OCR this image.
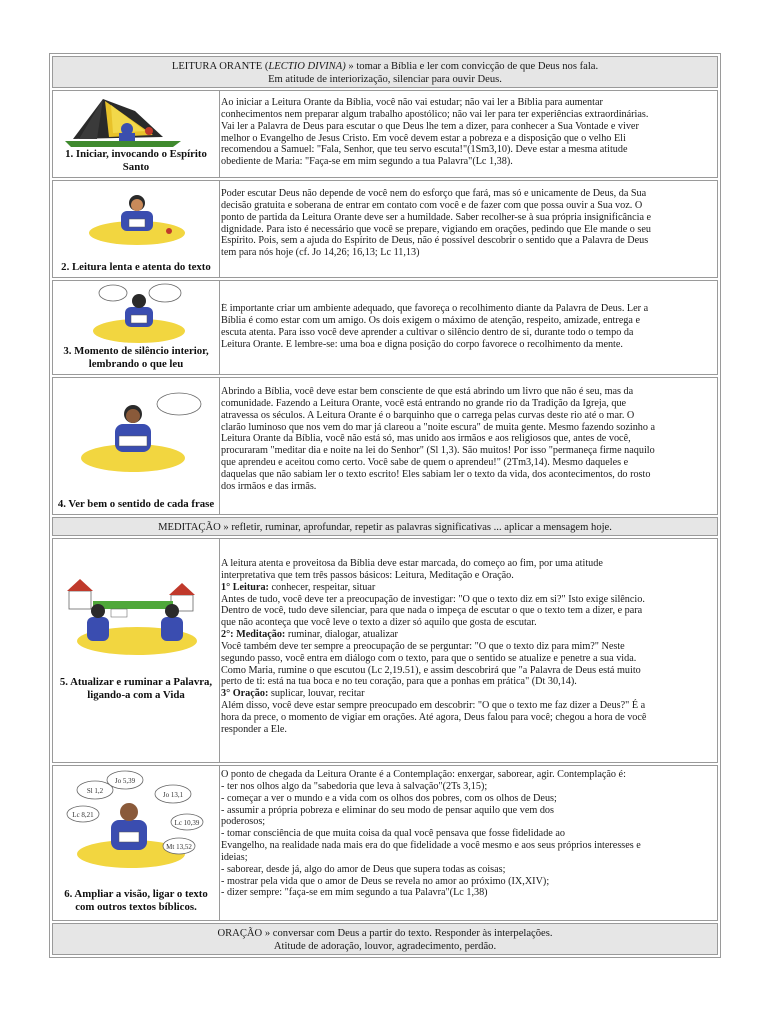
LEITURA ORANTE (LECTIO DIVINA) » tomar a Bíblia e ler com convicção de que Deus nos fala.
Em atitude de interiorização, silenciar para ouvir Deus.
1. Iniciar, invocando o Espírito Santo
Ao iniciar a Leitura Orante da Bíblia, você não vai estudar; não vai ler a Bíblia para aumentar
conhecimentos nem preparar algum trabalho apostólico; não vai ler para ter experiências extraordinárias.
Vai ler a Palavra de Deus para escutar o que Deus lhe tem a dizer, para conhecer a Sua Vontade e viver
melhor o Evangelho de Jesus Cristo. Em você devem estar a pobreza e a disposição que o velho Eli
recomendou a Samuel: "Fala, Senhor, que teu servo escuta!"(1Sm3,10). Deve estar a mesma atitude
obediente de Maria: "Faça-se em mim segundo a tua Palavra"(Lc 1,38).
2. Leitura lenta e atenta do texto
Poder escutar Deus não depende de você nem do esforço que fará, mas só e unicamente de Deus, da Sua
decisão gratuita e soberana de entrar em contato com você e de fazer com que possa ouvir a Sua voz. O
ponto de partida da Leitura Orante deve ser a humildade. Saber recolher-se à sua própria insignificância e
dignidade. Para isto é necessário que você se prepare, vigiando em orações, pedindo que Ele mande o seu
Espírito. Pois, sem a ajuda do Espírito de Deus, não é possível descobrir o sentido que a Palavra de Deus
tem para nós hoje (cf. Jo 14,26; 16,13; Lc 11,13)
3. Momento de silêncio interior, lembrando o que leu
É importante criar um ambiente adequado, que favoreça o recolhimento diante da Palavra de Deus. Ler a
Bíblia é como estar com um amigo. Os dois exigem o máximo de atenção, respeito, amizade, entrega e
escuta atenta. Para isso você deve aprender a cultivar o silêncio dentro de si, durante todo o tempo da
Leitura Orante. E lembre-se: uma boa e digna posição do corpo favorece o recolhimento da mente.
4. Ver bem o sentido de cada frase
Abrindo a Bíblia, você deve estar bem consciente de que está abrindo um livro que não é seu, mas da
comunidade. Fazendo a Leitura Orante, você está entrando no grande rio da Tradição da Igreja, que
atravessa os séculos. A Leitura Orante é o barquinho que o carrega pelas curvas deste rio até o mar. O
clarão luminoso que nos vem do mar já clareou a "noite escura" de muita gente. Mesmo fazendo sozinho a
Leitura Orante da Bíblia, você não está só, mas unido aos irmãos e aos religiosos que, antes de você,
procuraram "meditar dia e noite na lei do Senhor" (Sl 1,3). São muitos! Por isso "permaneça firme naquilo
que aprendeu e aceitou como certo. Você sabe de quem o aprendeu!" (2Tm3,14). Mesmo daqueles e
daquelas que não sabiam ler o texto escrito! Eles sabiam ler o texto da vida, dos acontecimentos, do rosto
dos irmãos e das irmãs.
MEDITAÇÃO » refletir, ruminar, aprofundar, repetir as palavras significativas ... aplicar a mensagem hoje.
5. Atualizar e ruminar a Palavra, ligando-a com a Vida
A leitura atenta e proveitosa da Bíblia deve estar marcada, do começo ao fim, por uma atitude
interpretativa que tem três passos básicos: Leitura, Meditação e Oração.
1° Leitura: conhecer, respeitar, situar
Antes de tudo, você deve ter a preocupação de investigar: "O que o texto diz em si?" Isto exige silêncio.
Dentro de você, tudo deve silenciar, para que nada o impeça de escutar o que o texto tem a dizer, e para
que não aconteça que você leve o texto a dizer só aquilo que gosta de escutar.
2°: Meditação: ruminar, dialogar, atualizar
Você também deve ter sempre a preocupação de se perguntar: "O que o texto diz para mim?" Neste
segundo passo, você entra em diálogo com o texto, para que o sentido se atualize e penetre a sua vida.
Como Maria, rumine o que escutou (Lc 2,19.51), e assim descobrirá que "a Palavra de Deus está muito
perto de ti: está na tua boca e no teu coração, para que a ponhas em prática" (Dt 30,14).
3° Oração: suplicar, louvar, recitar
Além disso, você deve estar sempre preocupado em descobrir: "O que o texto me faz dizer a Deus?" É a
hora da prece, o momento de vigiar em orações. Até agora, Deus falou para você; chegou a hora de você
responder a Ele.
Sl 1,2
Jo 5,39
Jo 13,1
Lc 8,21
Lc 10,39
Mt 13,52
6. Ampliar a visão, ligar o texto com outros textos bíblicos.
O ponto de chegada da Leitura Orante é a Contemplação: enxergar, saborear, agir. Contemplação é:
- ter nos olhos algo da "sabedoria que leva à salvação"(2Ts 3,15);
- começar a ver o mundo e a vida com os olhos dos pobres, com os olhos de Deus;
- assumir a própria pobreza e eliminar do seu modo de pensar aquilo que vem dos
poderosos;
- tomar consciência de que muita coisa da qual você pensava que fosse fidelidade ao
Evangelho, na realidade nada mais era do que fidelidade a você mesmo e aos seus próprios interesses e
ideias;
- saborear, desde já, algo do amor de Deus que supera todas as coisas;
- mostrar pela vida que o amor de Deus se revela no amor ao próximo (IX,XIV);
- dizer sempre: "faça-se em mim segundo a tua Palavra"(Lc 1,38)
ORAÇÃO » conversar com Deus a partir do texto. Responder às interpelações.
Atitude de adoração, louvor, agradecimento, perdão.
